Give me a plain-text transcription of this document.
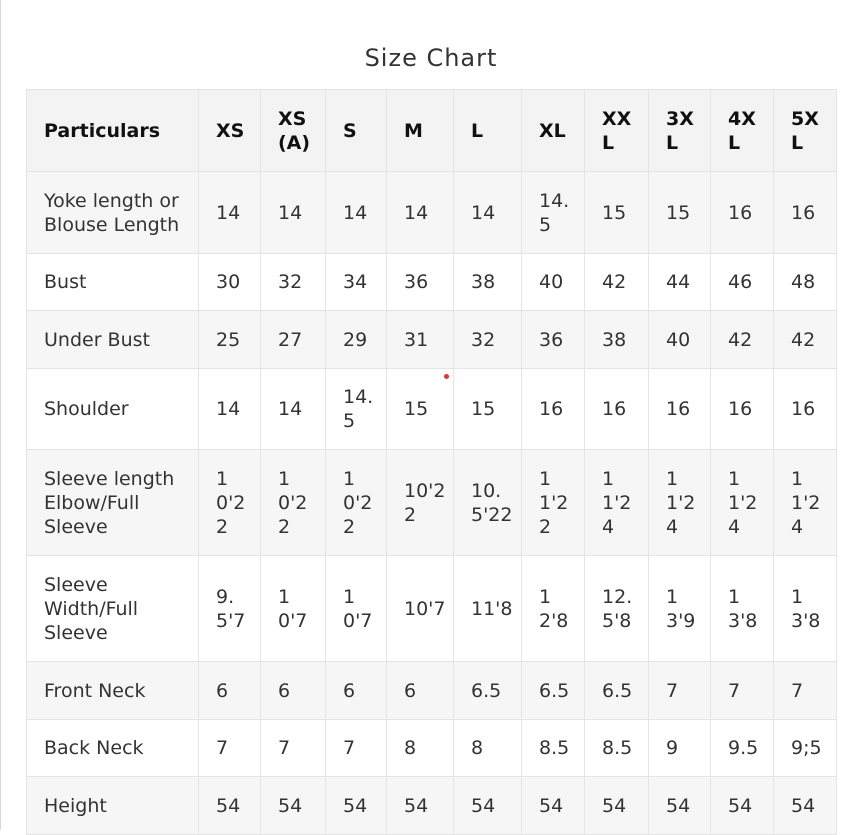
Size Chart
Particulars	XS	XS (A)	S	M	L	XL	XXL	3XL	4XL	5XL
Yoke length or Blouse Length	14	14	14	14	14	14.5	15	15	16	16
Bust	30	32	34	36	38	40	42	44	46	48
Under Bust	25	27	29	31	32	36	38	40	42	42
Shoulder	14	14	14.5	15	15	16	16	16	16	16
Sleeve length Elbow/Full Sleeve	10'22	10'22	10'22	10'22	10.5'22	11'22	11'24	11'24	11'24	11'24
Sleeve Width/Full Sleeve	9.5'7	10'7	10'7	10'7	11'8	12'8	12.5'8	13'9	13'8	13'8
Front Neck	6	6	6	6	6.5	6.5	6.5	7	7	7
Back Neck	7	7	7	8	8	8.5	8.5	9	9.5	9;5
Height	54	54	54	54	54	54	54	54	54	54
